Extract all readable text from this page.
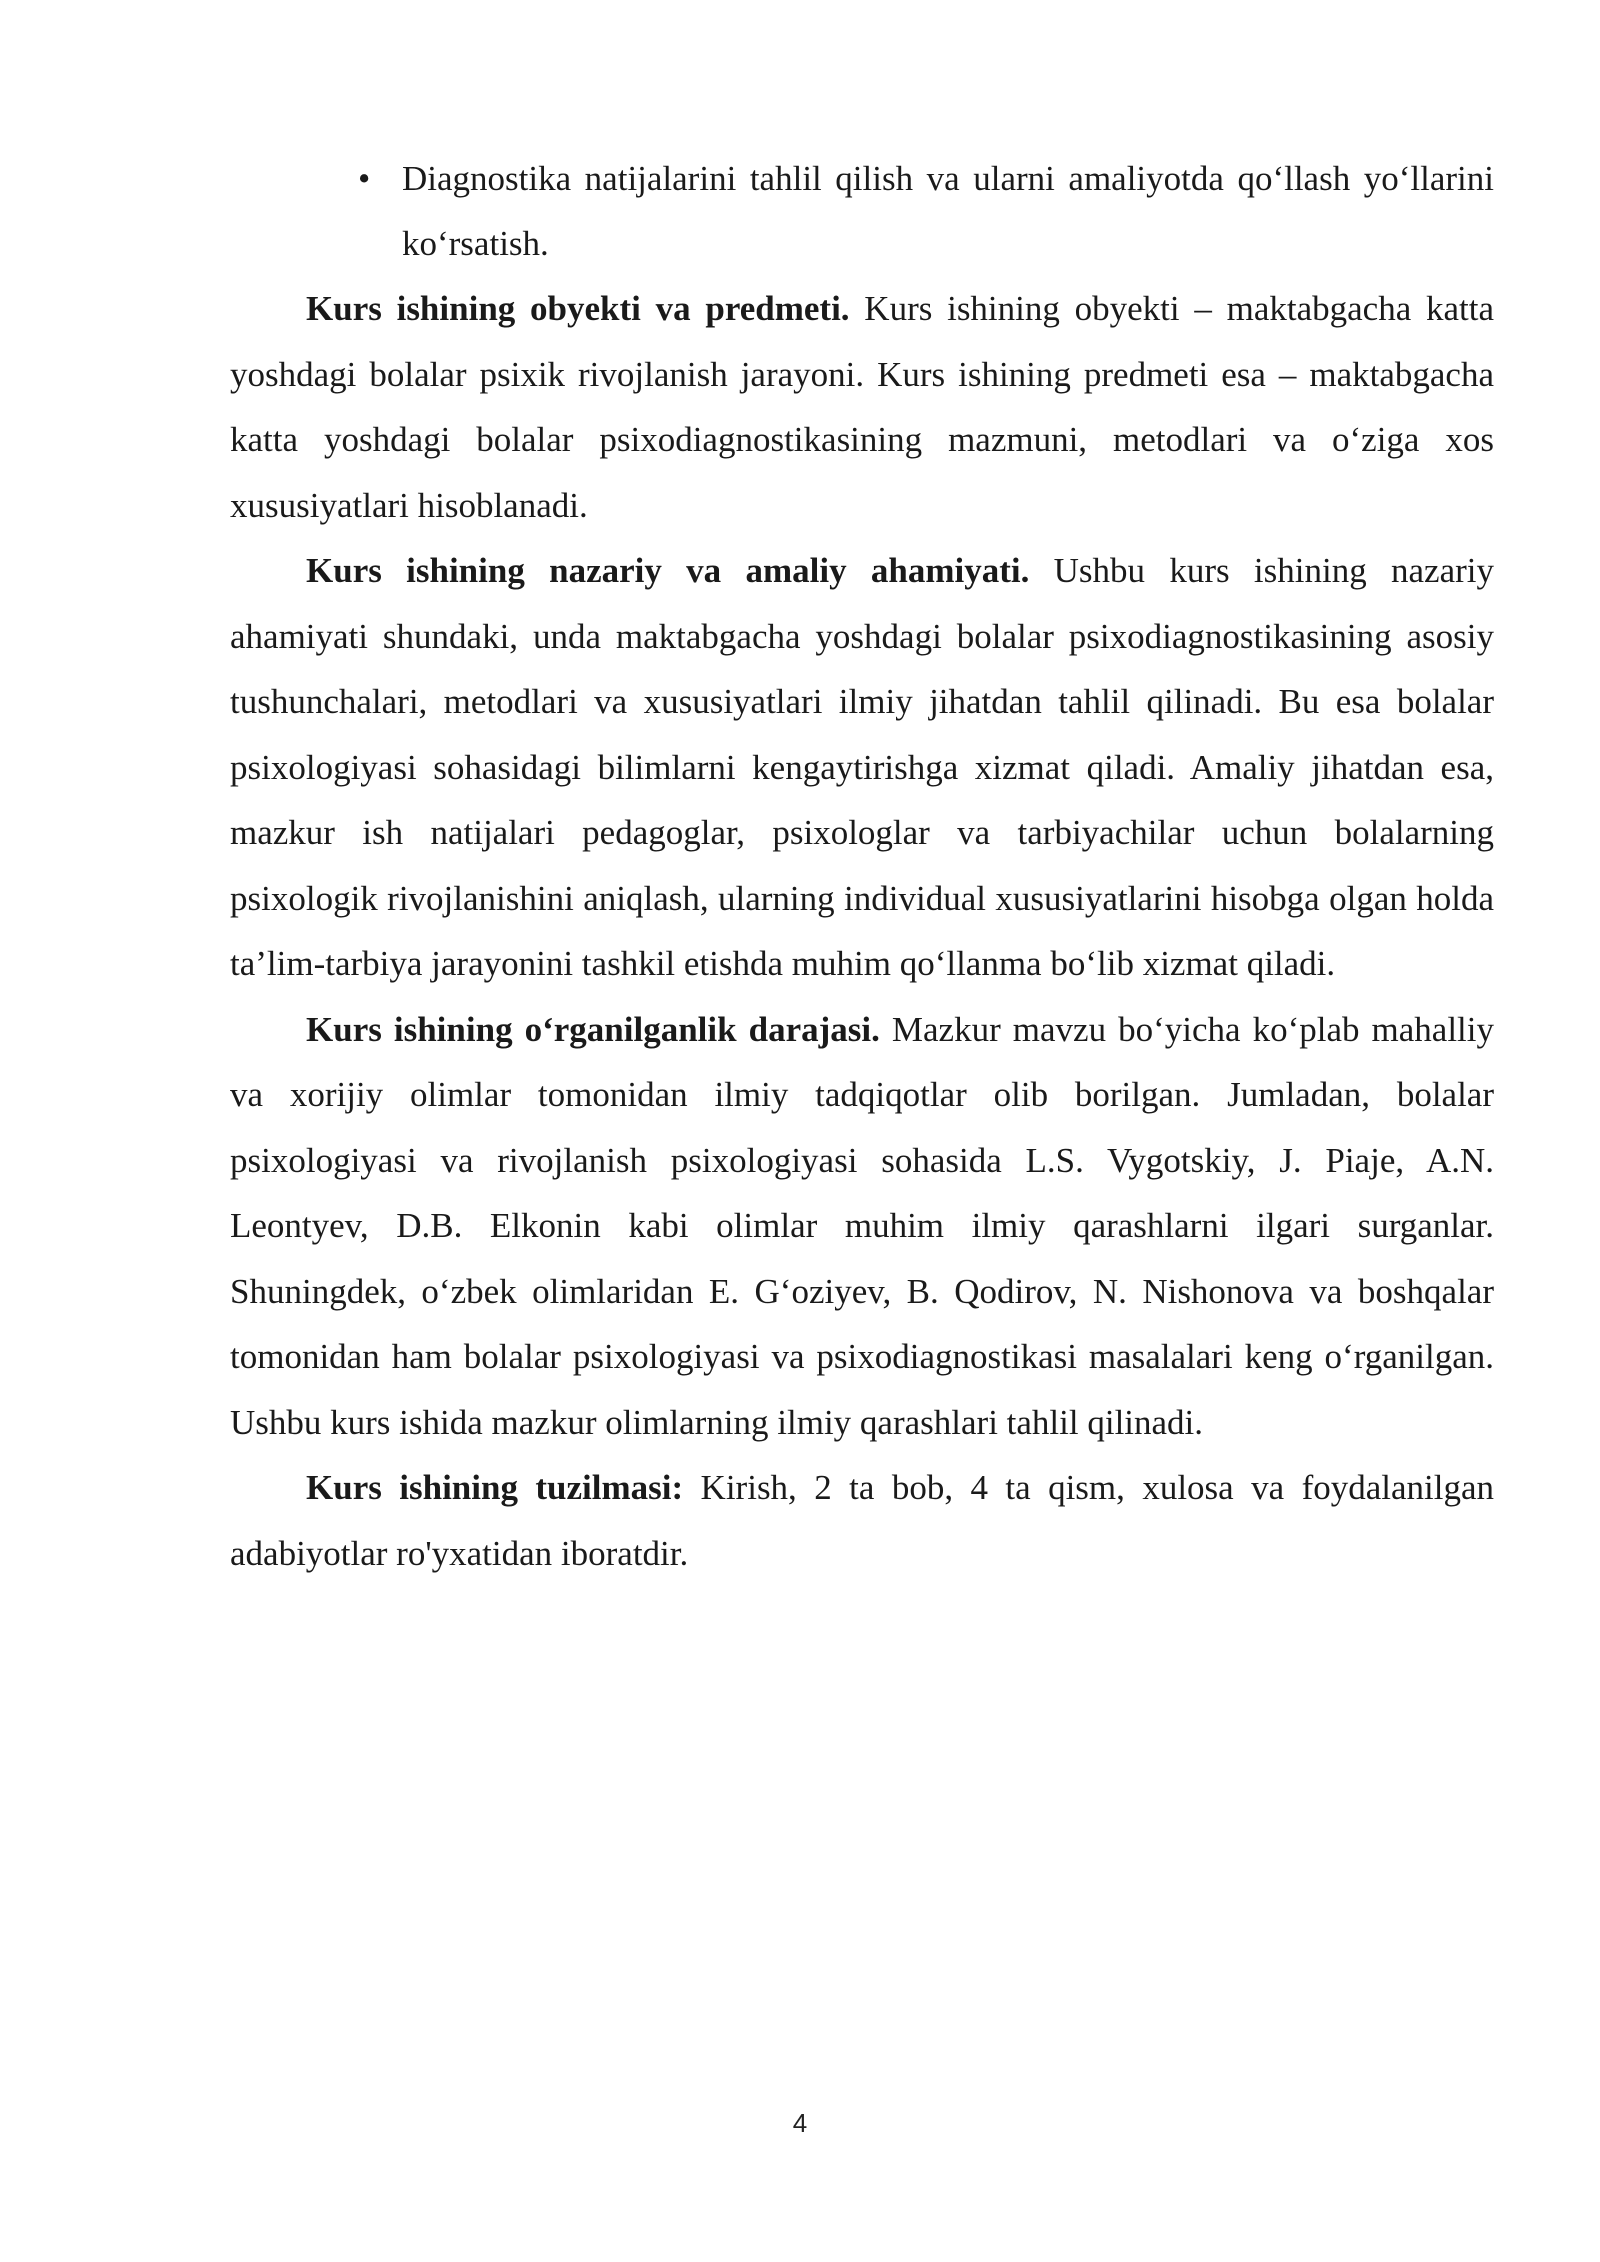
• Diagnostika natijalarini tahlil qilish va ularni amaliyotda qo‘llash yo‘llarini ko‘rsatish.

Kurs ishining obyekti va predmeti. Kurs ishining obyekti – maktabgacha katta yoshdagi bolalar psixik rivojlanish jarayoni. Kurs ishining predmeti esa – maktabgacha katta yoshdagi bolalar psixodiagnostikasining mazmuni, metodlari va o‘ziga xos xususiyatlari hisoblanadi.

Kurs ishining nazariy va amaliy ahamiyati. Ushbu kurs ishining nazariy ahamiyati shundaki, unda maktabgacha yoshdagi bolalar psixodiagnostikasining asosiy tushunchalari, metodlari va xususiyatlari ilmiy jihatdan tahlil qilinadi. Bu esa bolalar psixologiyasi sohasidagi bilimlarni kengaytirishga xizmat qiladi. Amaliy jihatdan esa, mazkur ish natijalari pedagoglar, psixologlar va tarbiyachilar uchun bolalarning psixologik rivojlanishini aniqlash, ularning individual xususiyatlarini hisobga olgan holda ta’lim-tarbiya jarayonini tashkil etishda muhim qo‘llanma bo‘lib xizmat qiladi.

Kurs ishining o‘rganilganlik darajasi. Mazkur mavzu bo‘yicha ko‘plab mahalliy va xorijiy olimlar tomonidan ilmiy tadqiqotlar olib borilgan. Jumladan, bolalar psixologiyasi va rivojlanish psixologiyasi sohasida L.S. Vygotskiy, J. Piaje, A.N. Leontyev, D.B. Elkonin kabi olimlar muhim ilmiy qarashlarni ilgari surganlar. Shuningdek, o‘zbek olimlaridan E. G‘oziyev, B. Qodirov, N. Nishonova va boshqalar tomonidan ham bolalar psixologiyasi va psixodiagnostikasi masalalari keng o‘rganilgan. Ushbu kurs ishida mazkur olimlarning ilmiy qarashlari tahlil qilinadi.

Kurs ishining tuzilmasi: Kirish, 2 ta bob, 4 ta qism, xulosa va foydalanilgan adabiyotlar ro'yxatidan iboratdir.

4
